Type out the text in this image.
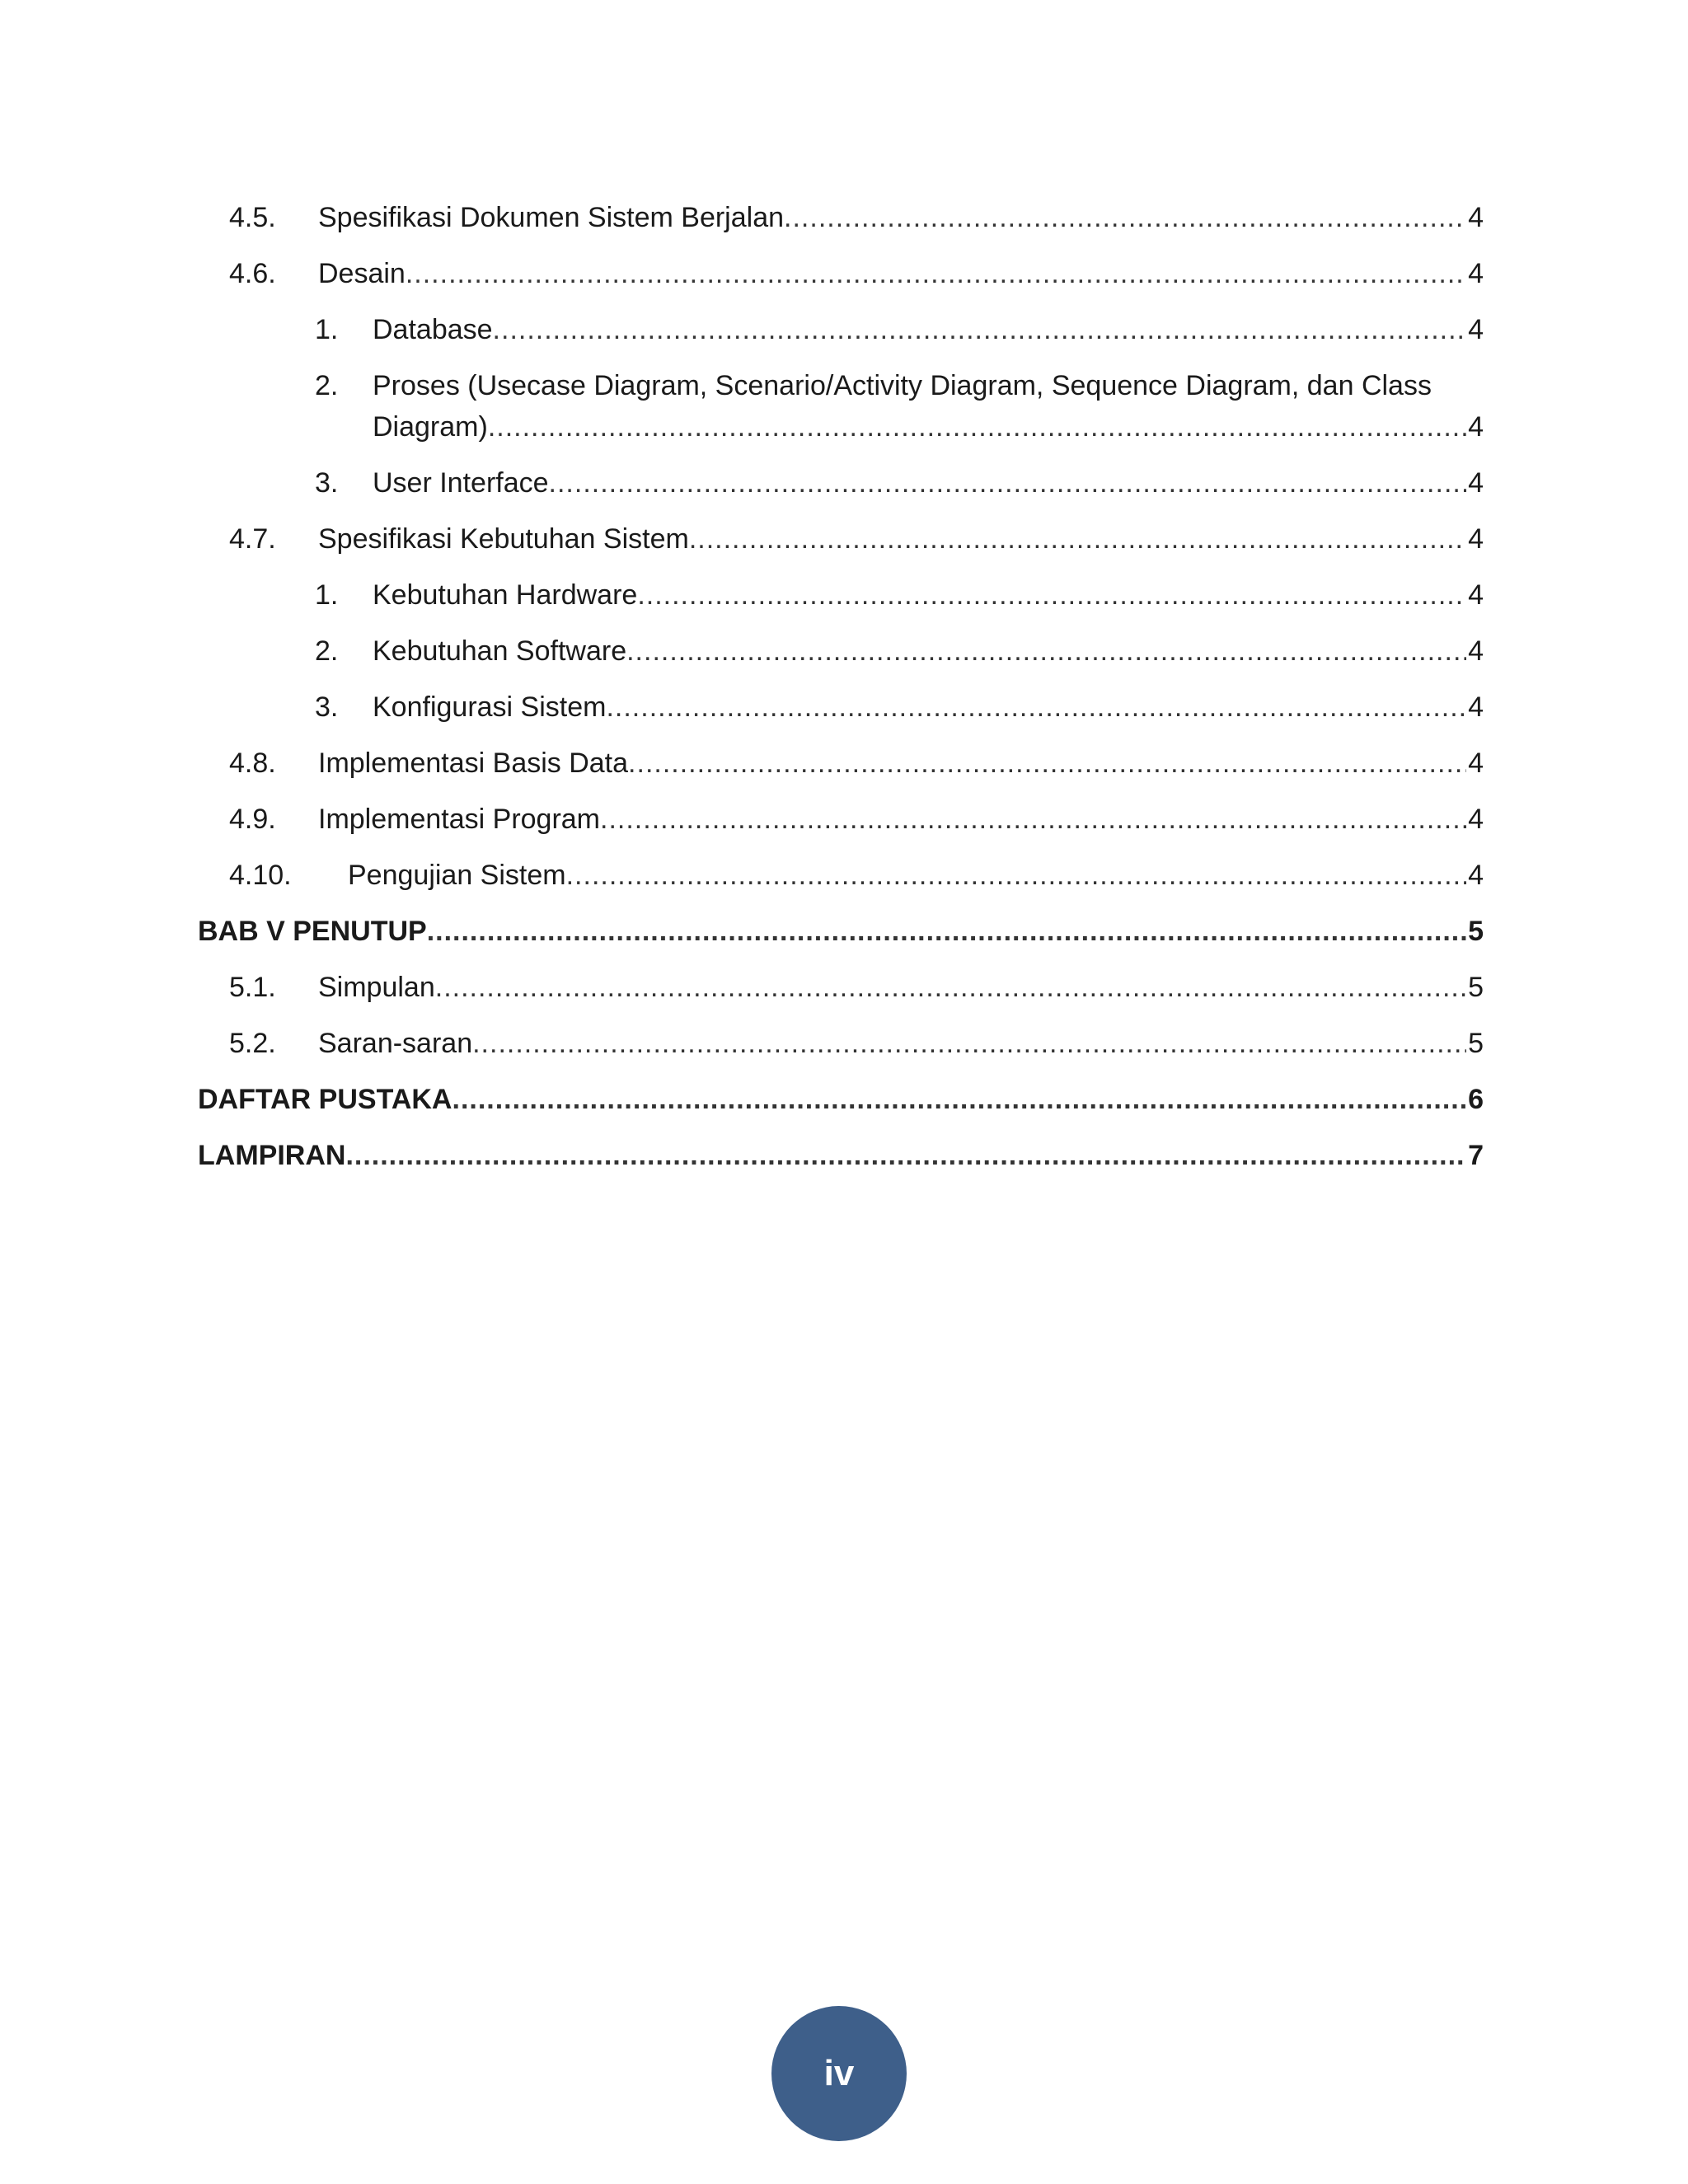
4.5. Spesifikasi Dokumen Sistem Berjalan .....	4
4.6. Desain .....	4
1. Database .....	4
2. Proses (Usecase Diagram, Scenario/Activity Diagram, Sequence Diagram, dan Class
Diagram) .....	4
3. User Interface .....	4
4.7. Spesifikasi Kebutuhan Sistem .....	4
1. Kebutuhan Hardware .....	4
2. Kebutuhan Software .....	4
3. Konfigurasi Sistem .....	4
4.8. Implementasi Basis Data .....	4
4.9. Implementasi Program .....	4
4.10. Pengujian Sistem .....	4
BAB V PENUTUP .....	5
5.1. Simpulan .....	5
5.2. Saran-saran .....	5
DAFTAR PUSTAKA .....	6
LAMPIRAN .....	7
iv
